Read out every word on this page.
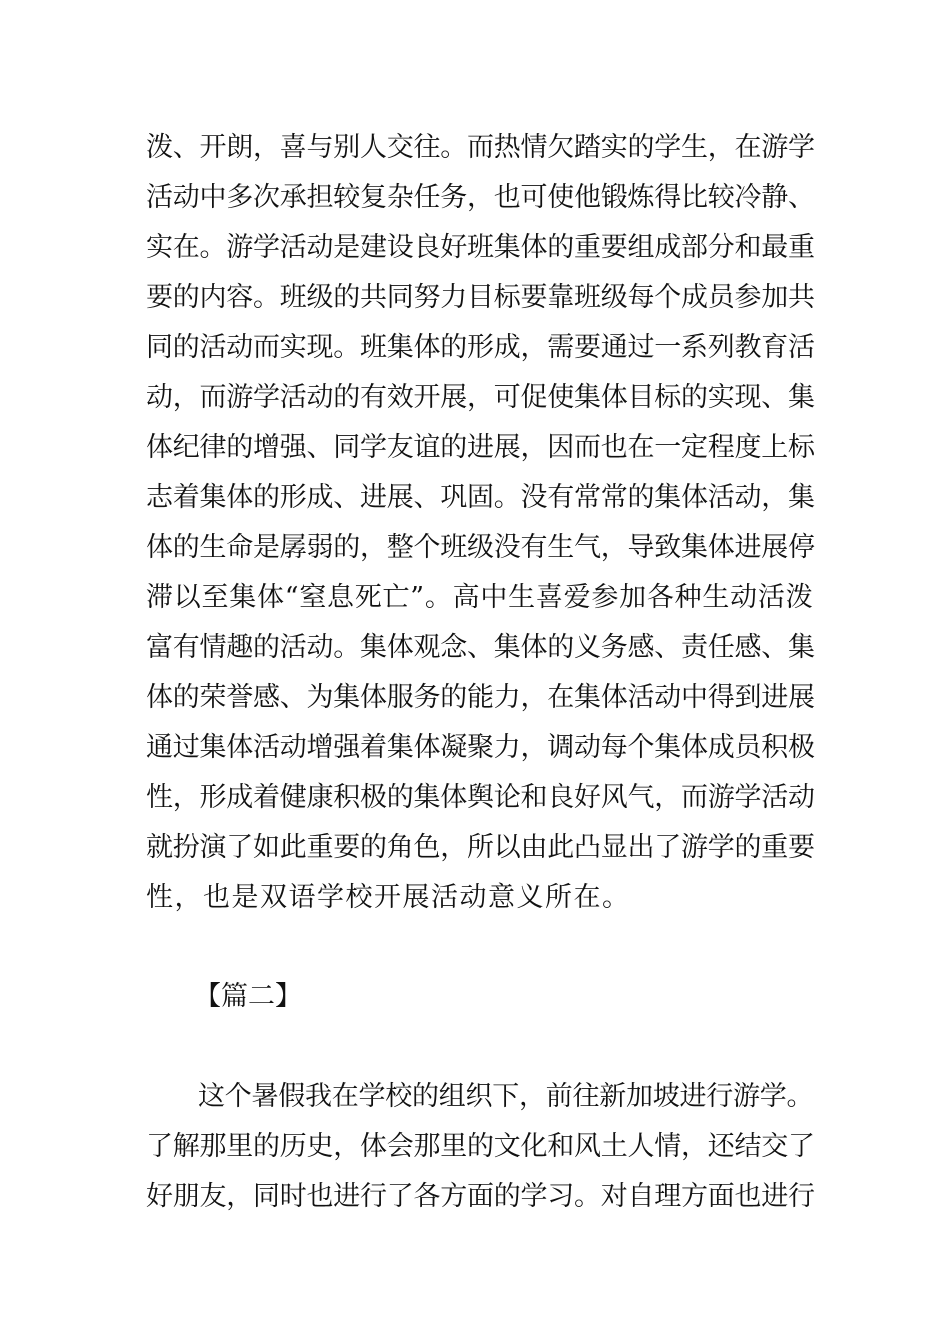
泼、开朗，喜与别人交往。而热情欠踏实的学生，在游学
活动中多次承担较复杂任务，也可使他锻炼得比较冷静、
实在。游学活动是建设良好班集体的重要组成部分和最重
要的内容。班级的共同努力目标要靠班级每个成员参加共
同的活动而实现。班集体的形成，需要通过一系列教育活
动，而游学活动的有效开展，可促使集体目标的实现、集
体纪律的增强、同学友谊的进展，因而也在一定程度上标
志着集体的形成、进展、巩固。没有常常的集体活动，集
体的生命是孱弱的，整个班级没有生气，导致集体进展停
滞以至集体“窒息死亡”。高中生喜爱参加各种生动活泼
富有情趣的活动。集体观念、集体的义务感、责任感、集
体的荣誉感、为集体服务的能力，在集体活动中得到进展
通过集体活动增强着集体凝聚力，调动每个集体成员积极
性，形成着健康积极的集体舆论和良好风气，而游学活动
就扮演了如此重要的角色，所以由此凸显出了游学的重要
性，也是双语学校开展活动意义所在。
【篇二】
这个暑假我在学校的组织下，前往新加坡进行游学。
了解那里的历史，体会那里的文化和风土人情，还结交了
好朋友，同时也进行了各方面的学习。对自理方面也进行
